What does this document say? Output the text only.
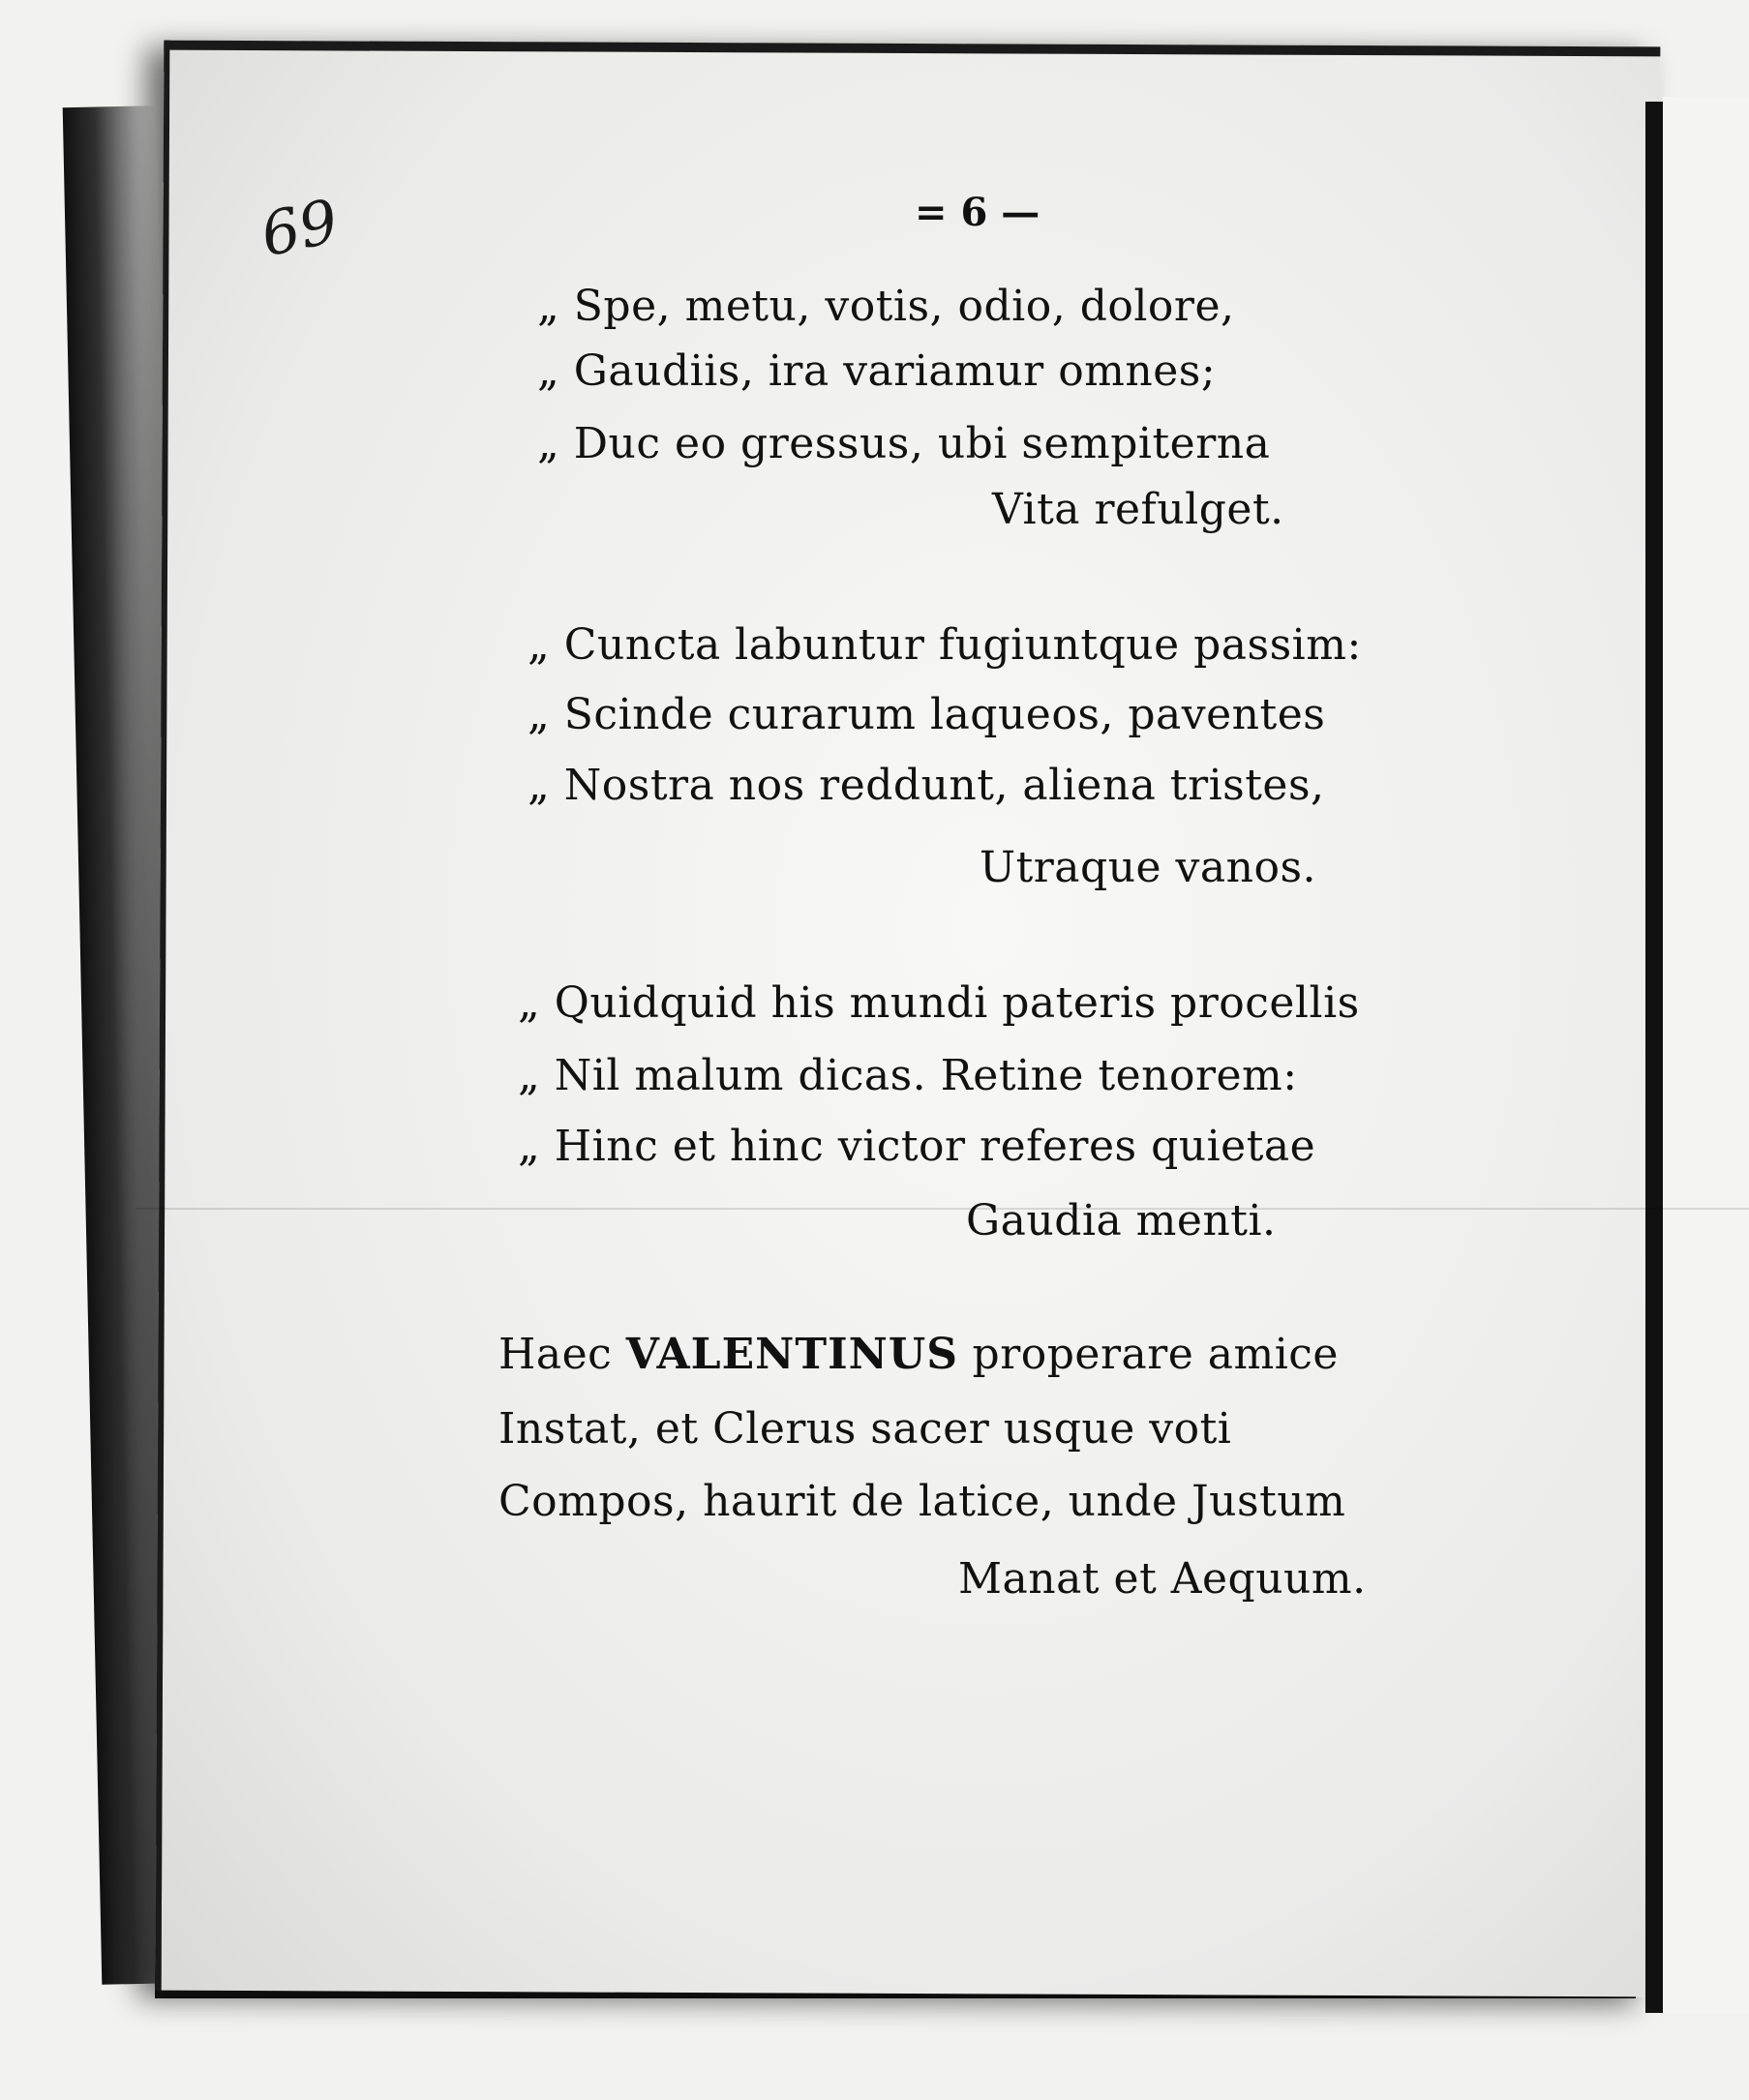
69	= 6 —
„ Spe, metu, votis, odio, dolore,
„ Gaudiis, ira variamur omnes;
„ Duc eo gressus, ubi sempiterna
Vita refulget.
„ Cuncta labuntur fugiuntque passim:
„ Scinde curarum laqueos, paventes
„ Nostra nos reddunt, aliena tristes,
Utraque vanos.
„ Quidquid his mundi pateris procellis
„ Nil malum dicas. Retine tenorem:
„ Hinc et hinc victor referes quietae
Gaudia menti.
Haec VALENTINUS properare amice
Instat, et Clerus sacer usque voti
Compos, haurit de latice, unde Justum
Manat et Aequum.
